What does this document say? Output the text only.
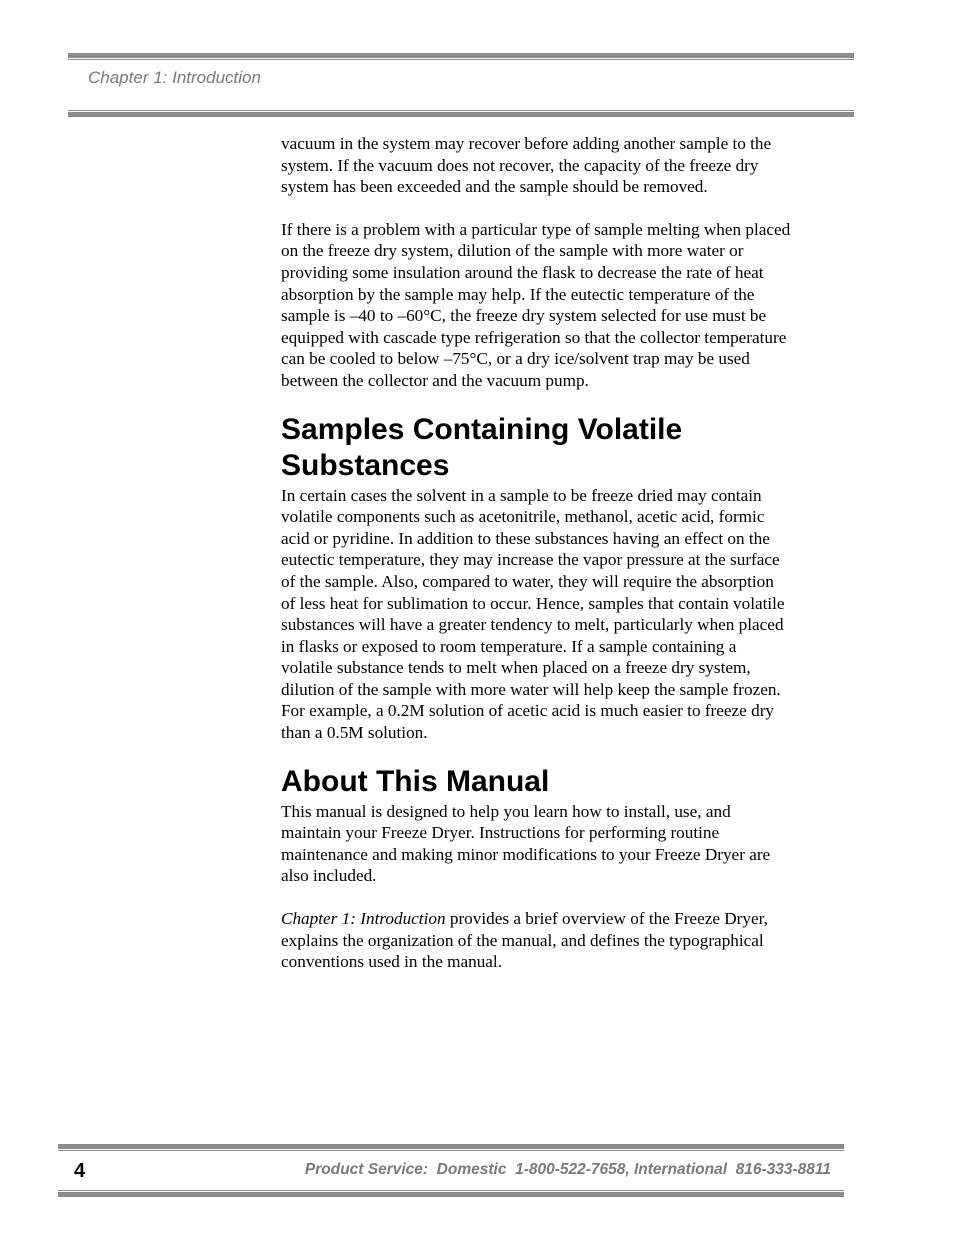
Chapter 1: Introduction

vacuum in the system may recover before adding another sample to the system. If the vacuum does not recover, the capacity of the freeze dry system has been exceeded and the sample should be removed.

If there is a problem with a particular type of sample melting when placed on the freeze dry system, dilution of the sample with more water or providing some insulation around the flask to decrease the rate of heat absorption by the sample may help. If the eutectic temperature of the sample is –40 to –60°C, the freeze dry system selected for use must be equipped with cascade type refrigeration so that the collector temperature can be cooled to below –75°C, or a dry ice/solvent trap may be used between the collector and the vacuum pump.

Samples Containing Volatile
Substances

In certain cases the solvent in a sample to be freeze dried may contain volatile components such as acetonitrile, methanol, acetic acid, formic acid or pyridine. In addition to these substances having an effect on the eutectic temperature, they may increase the vapor pressure at the surface of the sample. Also, compared to water, they will require the absorption of less heat for sublimation to occur. Hence, samples that contain volatile substances will have a greater tendency to melt, particularly when placed in flasks or exposed to room temperature. If a sample containing a volatile substance tends to melt when placed on a freeze dry system, dilution of the sample with more water will help keep the sample frozen. For example, a 0.2M solution of acetic acid is much easier to freeze dry than a 0.5M solution.

About This Manual

This manual is designed to help you learn how to install, use, and maintain your Freeze Dryer. Instructions for performing routine maintenance and making minor modifications to your Freeze Dryer are also included.

Chapter 1: Introduction provides a brief overview of the Freeze Dryer, explains the organization of the manual, and defines the typographical conventions used in the manual.

4	Product Service:  Domestic  1-800-522-7658, International  816-333-8811
